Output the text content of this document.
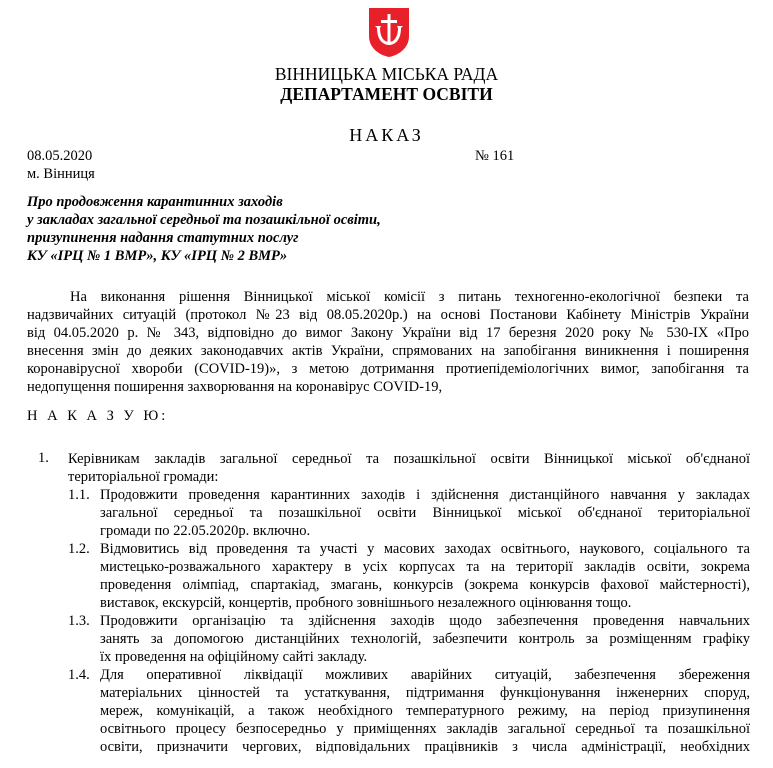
ВІННИЦЬКА МІСЬКА РАДА
ДЕПАРТАМЕНТ ОСВІТИ
НАКАЗ
08.05.2020	№ 161
м. Вінниця
Про продовження карантинних заходів
у закладах загальної середньої та позашкільної освіти,
призупинення надання статутних послуг
КУ «ІРЦ № 1 ВМР», КУ «ІРЦ № 2 ВМР»
На виконання рішення Вінницької міської комісії з питань техногенно-екологічної безпеки та
надзвичайних ситуацій (протокол №23 від 08.05.2020р.) на основі Постанови Кабінету Міністрів України
від 04.05.2020 р. № 343, відповідно до вимог Закону України від 17 березня 2020 року № 530-IX «Про
внесення змін до деяких законодавчих актів України, спрямованих на запобігання виникнення і поширення
коронавірусної хвороби (COVID-19)», з метою дотримання протиепідеміологічних вимог, запобігання та
недопущення поширення захворювання на коронавірус COVID-19,
Н А К А З У Ю:
1. Керівникам закладів загальної середньої та позашкільної освіти Вінницької міської об'єднаної
територіальної громади:
1.1. Продовжити проведення карантинних заходів і здійснення дистанційного навчання у закладах
загальної середньої та позашкільної освіти Вінницької міської об'єднаної територіальної
громади по 22.05.2020р. включно.
1.2. Відмовитись від проведення та участі у масових заходах освітнього, наукового, соціального та
мистецько-розважального характеру в усіх корпусах та на території закладів освіти, зокрема
проведення олімпіад, спартакіад, змагань, конкурсів (зокрема конкурсів фахової майстерності),
виставок, екскурсій, концертів, пробного зовнішнього незалежного оцінювання тощо.
1.3. Продовжити організацію та здійснення заходів щодо забезпечення проведення навчальних
занять за допомогою дистанційних технологій, забезпечити контроль за розміщенням графіку
їх проведення на офіційному сайті закладу.
1.4. Для оперативної ліквідації можливих аварійних ситуацій, забезпечення збереження
матеріальних цінностей та устаткування, підтримання функціонування інженерних споруд,
мереж, комунікацій, а також необхідного температурного режиму, на період призупинення
освітнього процесу безпосередньо у приміщеннях закладів загальної середньої та позашкільної
освіти, призначити чергових, відповідальних працівників з числа адміністрації, необхідних
